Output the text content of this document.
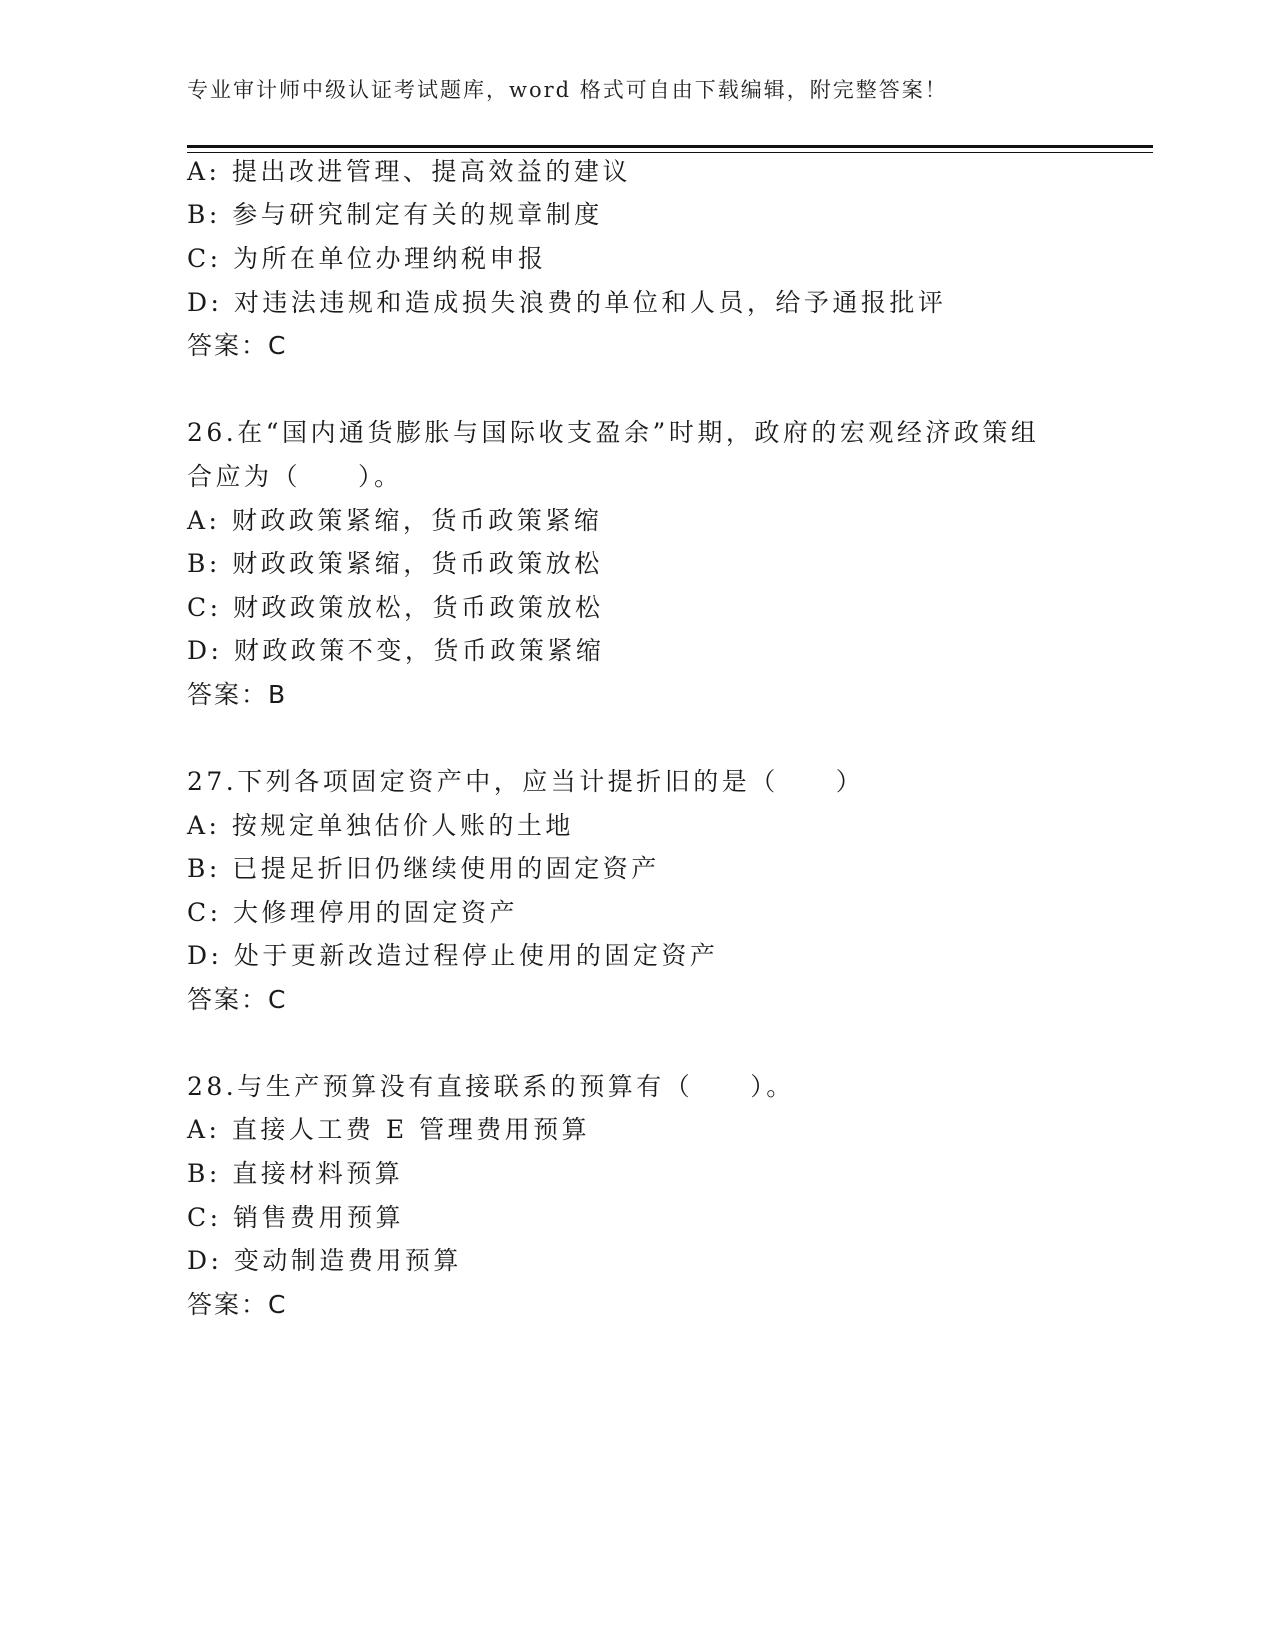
专业审计师中级认证考试题库，word 格式可自由下载编辑，附完整答案！
A: 提出改进管理、提高效益的建议
B: 参与研究制定有关的规章制度
C: 为所在单位办理纳税申报
D: 对违法违规和造成损失浪费的单位和人员，给予通报批评
答案：C
26.在“国内通货膨胀与国际收支盈余”时期，政府的宏观经济政策组
合应为（　　）。
A: 财政政策紧缩，货币政策紧缩
B: 财政政策紧缩，货币政策放松
C: 财政政策放松，货币政策放松
D: 财政政策不变，货币政策紧缩
答案：B
27.下列各项固定资产中，应当计提折旧的是（　　）
A: 按规定单独估价人账的土地
B: 已提足折旧仍继续使用的固定资产
C: 大修理停用的固定资产
D: 处于更新改造过程停止使用的固定资产
答案：C
28.与生产预算没有直接联系的预算有（　　）。
A: 直接人工费 E 管理费用预算
B: 直接材料预算
C: 销售费用预算
D: 变动制造费用预算
答案：C
